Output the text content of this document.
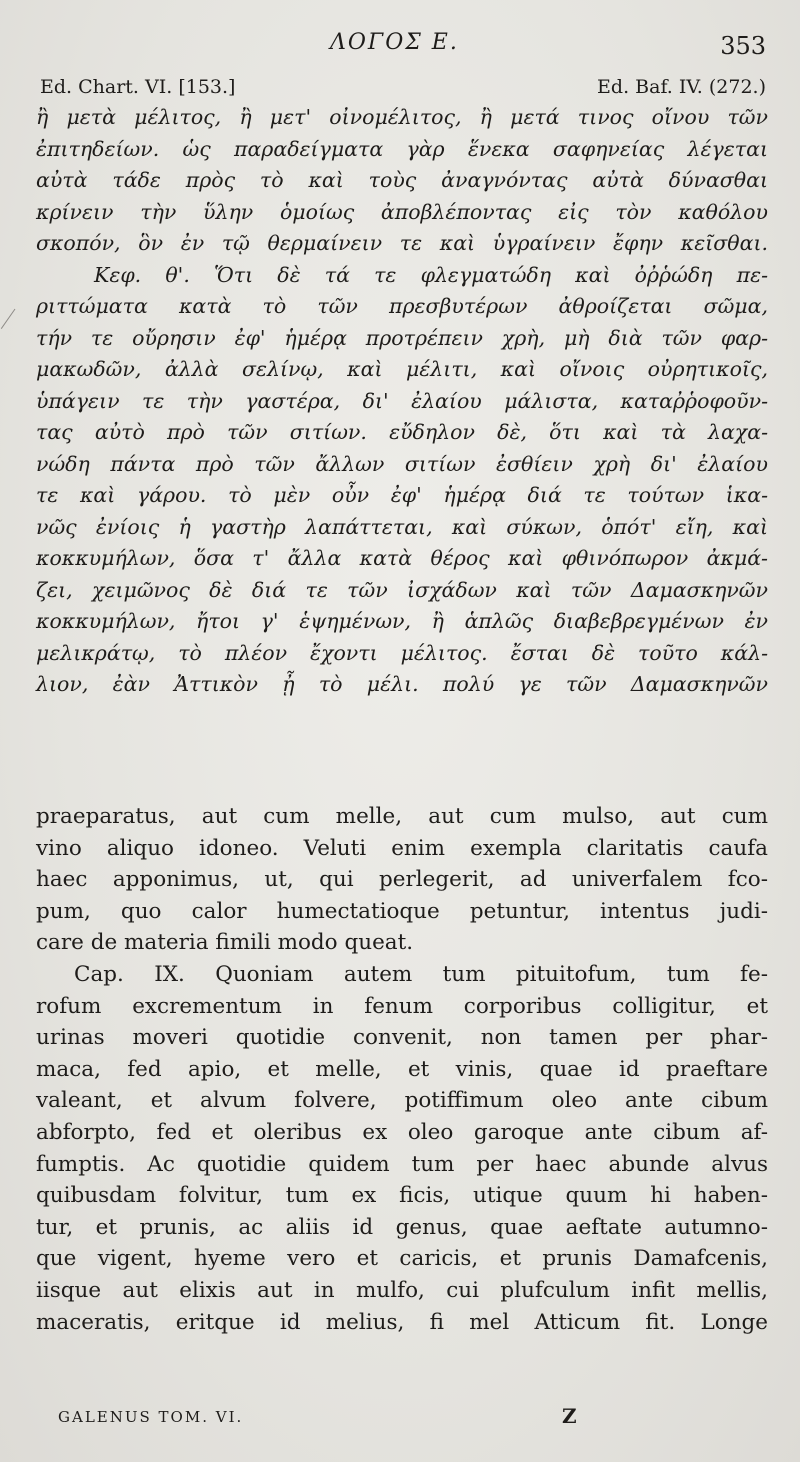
ΛΟΓΟΣ Ε.	353
Ed. Chart. VI. [153.]	Ed. Baf. IV. (272.)
ἢ μετὰ μέλιτος, ἢ μετ' οἰνομέλιτος, ἢ μετά τινος οἴνου τῶν
ἐπιτηδείων. ὡς παραδείγματα γὰρ ἕνεκα σαφηνείας λέγεται
αὐτὰ τάδε πρὸς τὸ καὶ τοὺς ἀναγνόντας αὐτὰ δύνασθαι
κρίνειν τὴν ὕλην ὁμοίως ἀποβλέποντας εἰς τὸν καθόλου
σκοπόν, ὃν ἐν τῷ θερμαίνειν τε καὶ ὑγραίνειν ἔφην κεῖσθαι.
Κεφ. θ'. Ὅτι δὲ τά τε φλεγματώδη καὶ ὀῤῥώδη πε-
ριττώματα κατὰ τὸ τῶν πρεσβυτέρων ἀθροίζεται σῶμα,
τήν τε οὔρησιν ἐφ' ἡμέρᾳ προτρέπειν χρὴ, μὴ διὰ τῶν φαρ-
μακωδῶν, ἀλλὰ σελίνῳ, καὶ μέλιτι, καὶ οἴνοις οὐρητικοῖς,
ὑπάγειν τε τὴν γαστέρα, δι' ἐλαίου μάλιστα, καταῤῥοφοῦν-
τας αὐτὸ πρὸ τῶν σιτίων. εὔδηλον δὲ, ὅτι καὶ τὰ λαχα-
νώδη πάντα πρὸ τῶν ἄλλων σιτίων ἐσθίειν χρὴ δι' ἐλαίου
τε καὶ γάρου. τὸ μὲν οὖν ἐφ' ἡμέρᾳ διά τε τούτων ἱκα-
νῶς ἐνίοις ἡ γαστὴρ λαπάττεται, καὶ σύκων, ὁπότ' εἴη, καὶ
κοκκυμήλων, ὅσα τ' ἄλλα κατὰ θέρος καὶ φθινόπωρον ἀκμά-
ζει, χειμῶνος δὲ διά τε τῶν ἰσχάδων καὶ τῶν Δαμασκηνῶν
κοκκυμήλων, ἤτοι γ' ἑψημένων, ἢ ἁπλῶς διαβεβρεγμένων ἐν
μελικράτῳ, τὸ πλέον ἔχοντι μέλιτος. ἔσται δὲ τοῦτο κάλ-
λιον, ἐὰν Ἀττικὸν ᾖ τὸ μέλι. πολύ γε τῶν Δαμασκηνῶν
praeparatus, aut cum melle, aut cum mulso, aut cum
vino aliquo idoneo. Veluti enim exempla claritatis caufa
haec apponimus, ut, qui perlegerit, ad univerfalem fco-
pum, quo calor humectatioque petuntur, intentus judi-
care de materia fimili modo queat.
Cap. IX. Quoniam autem tum pituitofum, tum fe-
rofum excrementum in fenum corporibus colligitur, et
urinas moveri quotidie convenit, non tamen per phar-
maca, fed apio, et melle, et vinis, quae id praeftare
valeant, et alvum folvere, potiffimum oleo ante cibum
abforpto, fed et oleribus ex oleo garoque ante cibum af-
fumptis. Ac quotidie quidem tum per haec abunde alvus
quibusdam folvitur, tum ex ficis, utique quum hi haben-
tur, et prunis, ac aliis id genus, quae aeftate autumno-
que vigent, hyeme vero et caricis, et prunis Damafcenis,
iisque aut elixis aut in mulfo, cui plufculum infit mellis,
maceratis, eritque id melius, fi mel Atticum fit. Longe
GALENUS TOM. VI.	Z
